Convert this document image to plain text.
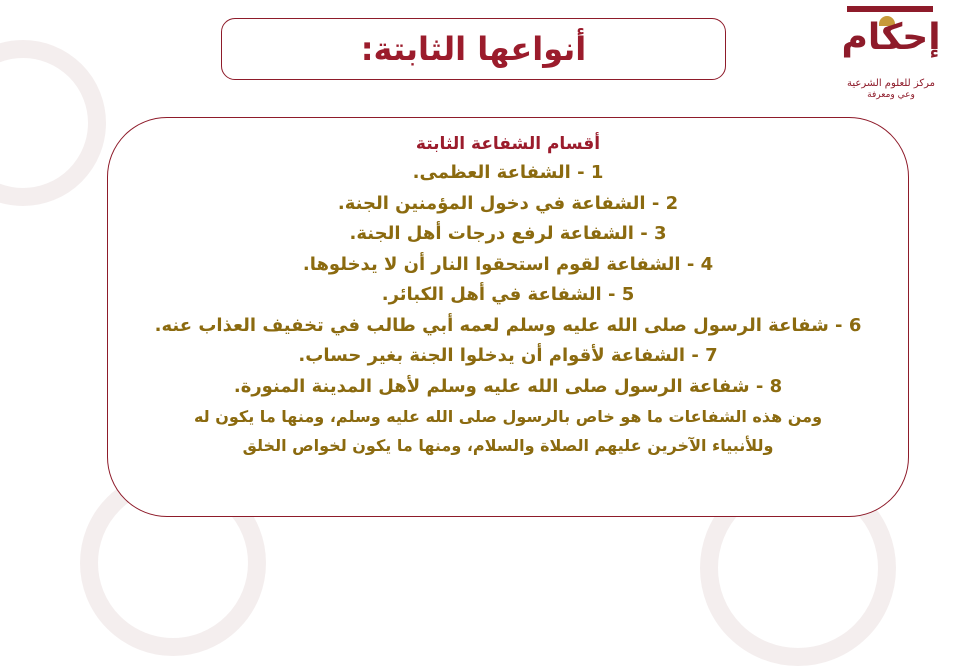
أنواعها الثابتة:	إحكام
مركز للعلوم الشرعية
وعي ومعرفة
أقسام الشفاعة الثابتة
1 - الشفاعة العظمى.
2 - الشفاعة في دخول المؤمنين الجنة.
3 - الشفاعة لرفع درجات أهل الجنة.
4 - الشفاعة لقوم استحقوا النار أن لا يدخلوها.
5 - الشفاعة في أهل الكبائر.
6 - شفاعة الرسول صلى الله عليه وسلم لعمه أبي طالب في تخفيف العذاب عنه.
7 - الشفاعة لأقوام أن يدخلوا الجنة بغير حساب.
8 - شفاعة الرسول صلى الله عليه وسلم لأهل المدينة المنورة.
ومن هذه الشفاعات ما هو خاص بالرسول صلى الله عليه وسلم، ومنها ما يكون له
وللأنبياء الآخرين عليهم الصلاة والسلام، ومنها ما يكون لخواص الخلق
